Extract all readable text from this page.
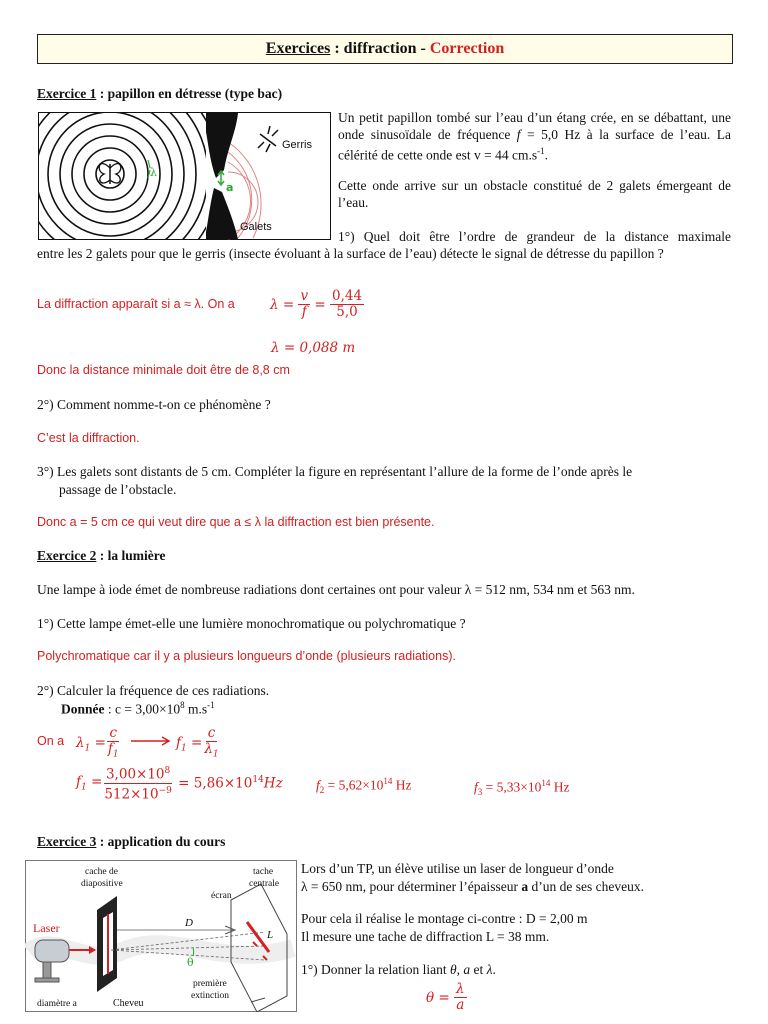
Exercices : diffraction - Correction
Exercice 1 : papillon en détresse (type bac)
λ
a
Gerris
Galets
Un petit papillon tombé sur l’eau d’un étang crée, en se débattant, une onde sinusoïdale de fréquence f = 5,0 Hz à la surface de l’eau. La célérité de cette onde est v = 44 $cm.s^{-1}$.
Cette onde arrive sur un obstacle constitué de 2 galets émergeant de l’eau.
1°) Quel doit être l’ordre de grandeur de la distance maximale
entre les 2 galets pour que le gerris (insecte évoluant à la surface de l’eau) détecte le signal de détresse du papillon ?
La diffraction apparaît si a ≈ λ. On a	$\lambda = \frac{v}{f} = \frac{0,44}{5,0}$
λ = 0,088 m
Donc la distance minimale doit être de 8,8 cm
2°) Comment nomme-t-on ce phénomène ?
C’est la diffraction.
3°) Les galets sont distants de 5 cm. Compléter la figure en représentant l’allure de la forme de l’onde après le
passage de l’obstacle.
Donc a = 5 cm ce qui veut dire que a ≤ λ la diffraction est bien présente.
Exercice 2 : la lumière
Une lampe à iode émet de nombreuse radiations dont certaines ont pour valeur λ = 512 nm, 534 nm et 563 nm.
1°) Cette lampe émet-elle une lumière monochromatique ou polychromatique ?
Polychromatique car il y a plusieurs longueurs d’onde (plusieurs radiations).
2°) Calculer la fréquence de ces radiations.
Donnée : $c = 3,00\times 10^8$ $m.s^{-1}$
On a $\lambda_1 = \frac{c}{f_1}$	$f_1 = \frac{c}{\lambda_1}$
$f_1 = \frac{3,00\times 10^8}{512\times 10^{-9}} = 5,86\times 10^{14}Hz$ $f_2 = 5,62\times 10^{14}$ Hz	$f_3 = 5,33\times 10^{14}$ Hz
Exercice 3 : application du cours
Laser	D
θ
L
cache de
diapositive
tache
centrale
écran
première
extinction
diamètre a	Cheveu
Lors d’un TP, un élève utilise un laser de longueur d’onde
λ = 650 nm, pour déterminer l’épaisseur a d’un de ses cheveux.
Pour cela il réalise le montage ci-contre : D = 2,00 m
Il mesure une tache de diffraction L = 38 mm.
1°) Donner la relation liant θ, a et λ.
$\theta = \frac{\lambda}{a}$
